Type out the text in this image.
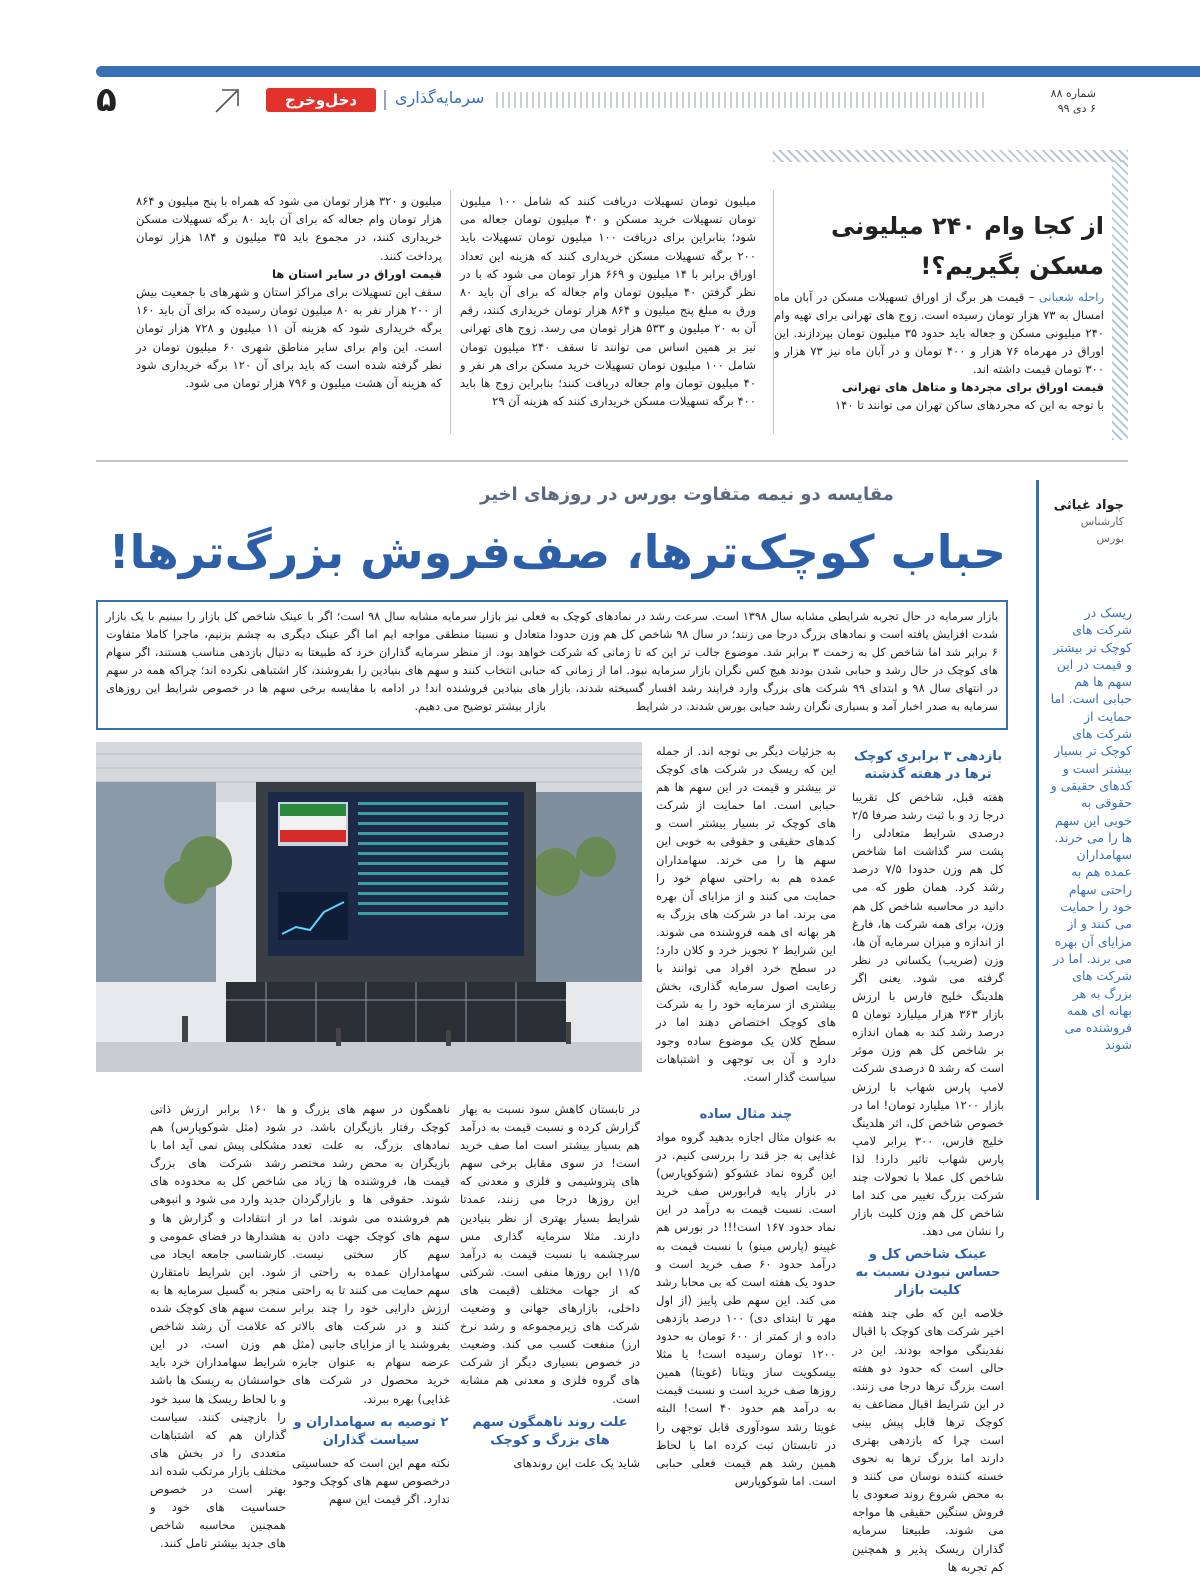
شماره ۸۸
۶ دی ۹۹
سرمایه‌گذاری
دخل‌وخرج
۵
از کجا وام ۲۴۰ میلیونی مسکن بگیریم؟!
راحله شعبانی – قیمت هر برگ از اوراق تسهیلات مسکن در آبان ماه امسال به ۷۳ هزار تومان رسیده است. زوج های تهرانی برای تهیه وام ۲۴۰ میلیونی مسکن و جعاله باید حدود ۳۵ میلیون تومان بپردازند. این اوراق در مهرماه ۷۶ هزار و ۴۰۰ تومان و در آبان ماه نیز ۷۳ هزار و ۳۰۰ تومان قیمت داشته اند.
قیمت اوراق برای مجردها و متاهل های تهرانی
با توجه به این که مجردهای ساکن تهران می توانند تا ۱۴۰
میلیون تومان تسهیلات دریافت کنند که شامل ۱۰۰ میلیون تومان تسهیلات خرید مسکن و ۴۰ میلیون تومان جعاله می شود؛ بنابراین برای دریافت ۱۰۰ میلیون تومان تسهیلات باید ۲۰۰ برگه تسهیلات مسکن خریداری کنند که هزینه این تعداد اوراق برابر با ۱۴ میلیون و ۶۶۹ هزار تومان می شود که با در نظر گرفتن ۴۰ میلیون تومان وام جعاله که برای آن باید ۸۰ ورق به مبلغ پنج میلیون و ۸۶۴ هزار تومان خریداری کنند، رقم آن به ۲۰ میلیون و ۵۳۳ هزار تومان می رسد. زوج های تهرانی نیز بر همین اساس می توانند تا سقف ۲۴۰ میلیون تومان شامل ۱۰۰ میلیون تومان تسهیلات خرید مسکن برای هر نفر و ۴۰ میلیون تومان وام جعاله دریافت کنند؛ بنابراین زوج ها باید ۴۰۰ برگه تسهیلات مسکن خریداری کنند که هزینه آن ۲۹
میلیون و ۳۲۰ هزار تومان می شود که همراه با پنج میلیون و ۸۶۴ هزار تومان وام جعاله که برای آن باید ۸۰ برگه تسهیلات مسکن خریداری کنند، در مجموع باید ۳۵ میلیون و ۱۸۴ هزار تومان پرداخت کنند.
قیمت اوراق در سایر استان ها
سقف این تسهیلات برای مراکز استان و شهرهای با جمعیت بیش از ۲۰۰ هزار نفر به ۸۰ میلیون تومان رسیده که برای آن باید ۱۶۰ برگه خریداری شود که هزینه آن ۱۱ میلیون و ۷۲۸ هزار تومان است. این وام برای سایر مناطق شهری ۶۰ میلیون تومان در نظر گرفته شده است که باید برای آن ۱۲۰ برگه خریداری شود که هزینه آن هشت میلیون و ۷۹۶ هزار تومان می شود.
جواد غیاثی
کارشناس
بورس
مقایسه دو نیمه متفاوت بورس در روزهای اخیر
حباب کوچک‌ترها، صف‌فروش بزرگ‌ترها!
بازار سرمایه در حال تجربه شرایطی مشابه سال ۱۳۹۸ است. سرعت رشد در نمادهای کوچک به شدت افزایش یافته است و نمادهای بزرگ درجا می زنند؛ در سال ۹۸ شاخص کل هم وزن حدودا ۶ برابر شد اما شاخص کل به زحمت ۳ برابر شد. موضوع جالب تر این که تا زمانی که شرکت های کوچک در حال رشد و حبابی شدن بودند هیچ کس نگران بازار سرمایه نبود. اما از زمانی که در انتهای سال ۹۸ و ابتدای ۹۹ شرکت های بزرگ وارد فرایند رشد افسار گسیخته شدند، بازار سرمایه به صدر اخبار آمد و بسیاری نگران رشد حبابی بورس شدند. در شرایط
فعلی نیز بازار سرمایه مشابه سال ۹۸ است؛ اگر با عینک شاخص کل بازار را ببینیم با یک بازار متعادل و نسبتا منطقی مواجه ایم اما اگر عینک دیگری به چشم بزنیم، ماجرا کاملا متفاوت خواهد بود. از منظر سرمایه گذاران خرد که طبیعتا به دنبال بازدهی مناسب هستند، اگر سهام حبابی انتخاب کنند و سهم های بنیادین را بفروشند، کار اشتباهی نکرده اند؛ چراکه همه در سهم های بنیادین فروشنده اند! در ادامه با مقایسه برخی سهم ها در خصوص شرایط این روزهای بازار بیشتر توضیح می دهیم.
ریسک در شرکت های کوچک تر بیشتر و قیمت در این سهم ها هم حبابی است. اما حمایت از شرکت های کوچک تر بسیار بیشتر است و کدهای حقیقی و حقوقی به خوبی این سهم ها را می خرند. سهامداران عمده هم به راحتی سهام خود را حمایت می کنند و از مزایای آن بهره می برند. اما در شرکت های بزرگ به هر بهانه ای همه فروشنده می شوند
بازدهی ۳ برابری کوچک ترها در هفته گذشته
هفته قبل، شاخص کل تقریبا درجا زد و با ثبت رشد صرفا ۲/۵ درصدی شرایط متعادلی را پشت سر گذاشت اما شاخص کل هم وزن حدودا ۷/۵ درصد رشد کرد. همان طور که می دانید در محاسبه شاخص کل هم وزن، برای همه شرکت ها، فارغ از اندازه و میزان سرمایه آن ها، وزن (ضریب) یکسانی در نظر گرفته می شود. یعنی اگر هلدینگ خلیج فارس با ارزش بازار ۳۶۳ هزار میلیارد تومان ۵ درصد رشد کند به همان اندازه بر شاخص کل هم وزن موثر است که رشد ۵ درصدی شرکت لامپ پارس شهاب با ارزش بازار ۱۲۰۰ میلیارد تومان! اما در خصوص شاخص کل، اثر هلدینگ خلیج فارس، ۳۰۰ برابر لامپ پارس شهاب تاثیر دارد! لذا شاخص کل عملا با تحولات چند شرکت بزرگ تغییر می کند اما شاخص کل هم وزن کلیت بازار را نشان می دهد.
عینک شاخص کل و حساس نبودن نسبت به کلیت بازار
خلاصه این که طی چند هفته اخیر شرکت های کوچک با اقبال نقدینگی مواجه بودند. این در حالی است که حدود دو هفته است بزرگ ترها درجا می زنند. در این شرایط اقبال مضاعف به کوچک ترها قابل پیش بینی است چرا که بازدهی بهتری دارند اما بزرگ ترها به نحوی خسته کننده نوسان می کنند و به محض شروع روند صعودی با فروش سنگین حقیقی ها مواجه می شوند. طبیعتا سرمایه گذاران ریسک پذیر و همچنین کم تجربه ها
به جزئیات دیگر بی توجه اند. از جمله این که ریسک در شرکت های کوچک تر بیشتر و قیمت در این سهم ها هم حبابی است. اما حمایت از شرکت های کوچک تر بسیار بیشتر است و کدهای حقیقی و حقوقی به خوبی این سهم ها را می خرند. سهامداران عمده هم به راحتی سهام خود را حمایت می کنند و از مزایای آن بهره می برند. اما در شرکت های بزرگ به هر بهانه ای همه فروشنده می شوند. این شرایط ۲ تجویز خرد و کلان دارد؛ در سطح خرد افراد می توانند با رعایت اصول سرمایه گذاری، بخش بیشتری از سرمایه خود را به شرکت های کوچک اختصاص دهند اما در سطح کلان یک موضوع ساده وجود دارد و آن بی توجهی و اشتباهات سیاست گذار است.
چند مثال ساده
به عنوان مثال اجازه بدهید گروه مواد غذایی به جز قند را بررسی کنیم. در این گروه نماد غشوکو (شوکوپارس) در بازار پایه فرابورس صف خرید است. نسبت قیمت به درآمد در این نماد حدود ۱۶۷ است!!! در بورس هم غپینو (پارس مینو) با نسبت قیمت به درآمد حدود ۶۰ صف خرید است و حدود یک هفته است که بی محابا رشد می کند. این سهم طی پاییز (از اول مهر تا ابتدای دی) ۱۰۰ درصد بازدهی داده و از کمتر از ۶۰۰ تومان به حدود ۱۲۰۰ تومان رسیده است! یا مثلا بیسکویت ساز ویتانا (غویتا) همین روزها صف خرید است و نسبت قیمت به درآمد هم حدود ۴۰ است! البته غویتا رشد سودآوری قابل توجهی را در تابستان ثبت کرده اما با لحاظ همین رشد هم قیمت فعلی حبابی است. اما شوکوپارس
در تابستان کاهش سود نسبت به بهار گزارش کرده و نسبت قیمت به درآمد هم بسیار بیشتر است اما صف خرید است! در سوی مقابل برخی سهم های پتروشیمی و فلزی و معدنی که این روزها درجا می زنند، عمدتا شرایط بسیار بهتری از نظر بنیادین دارند. مثلا سرمایه گذاری مس سرچشمه با نسبت قیمت به درآمد ۱۱/۵ این روزها منفی است. شرکتی که از جهات مختلف (قیمت های داخلی، بازارهای جهانی و وضعیت شرکت های زیرمجموعه و رشد نرخ ارز) منفعت کسب می کند. وضعیت در خصوص بسیاری دیگر از شرکت های گروه فلزی و معدنی هم مشابه است.
علت روند ناهمگون سهم های بزرگ و کوچک
شاید یک علت این روندهای
ناهمگون در سهم های بزرگ و کوچک رفتار بازیگران باشد. در نمادهای بزرگ، به علت تعدد بازیگران به محض رشد مختصر قیمت ها، فروشنده ها زیاد می شوند. حقوقی ها و بازارگردان هم فروشنده می شوند. اما در سهم های کوچک جهت دادن به سهم کار سختی نیست. سهامداران عمده به راحتی از سهم حمایت می کنند تا به راحتی ارزش دارایی خود را چند برابر کنند و در شرکت های بالاتر بفروشند یا از مزایای جانبی (مثل عرضه سهام به عنوان جایزه خرید محصول در شرکت های غذایی) بهره ببرند.
۲ توصیه به سهامداران و سیاست گذاران
نکته مهم این است که حساسیتی درخصوص سهم های کوچک وجود ندارد. اگر قیمت این سهم
ها ۱۶۰ برابر ارزش ذاتی شود (مثل شوکوپارس) هم مشکلی پیش نمی آید اما با رشد شرکت های بزرگ شاخص کل به محدوده های جدید وارد می شود و انبوهی از انتقادات و گزارش ها و هشدارها در فضای عمومی و کارشناسی جامعه ایجاد می شود. این شرایط نامتقارن منجر به گسیل سرمایه ها به سمت سهم های کوچک شده که علامت آن رشد شاخص هم وزن است. در این شرایط سهامداران خرد باید حواسشان به ریسک ها باشد و با لحاظ ریسک ها سبد خود را بازچینی کنند. سیاست گذاران هم که اشتباهات متعددی را در بخش های مختلف بازار مرتکب شده اند بهتر است در خصوص حساسیت های خود و همچنین محاسبه شاخص های جدید بیشتر تامل کنند.
